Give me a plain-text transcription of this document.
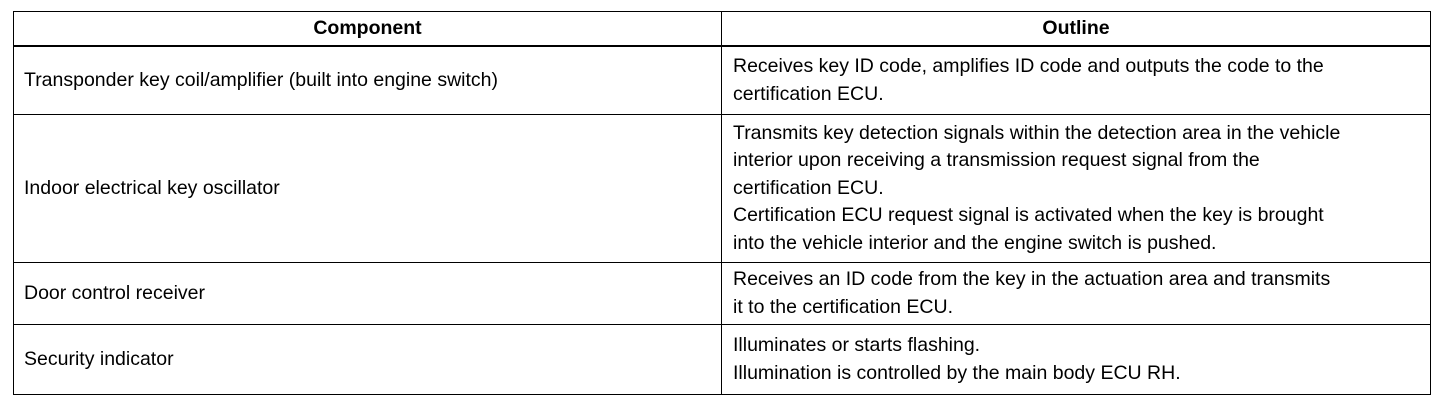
Component	Outline
Transponder key coil/amplifier (built into engine switch)	Receives key ID code, amplifies ID code and outputs the code to the
certification ECU.

Indoor electrical key oscillator	Transmits key detection signals within the detection area in the vehicle
interior upon receiving a transmission request signal from the
certification ECU.
Certification ECU request signal is activated when the key is brought
into the vehicle interior and the engine switch is pushed.

Door control receiver	Receives an ID code from the key in the actuation area and transmits
it to the certification ECU.

Security indicator	Illuminates or starts flashing.
Illumination is controlled by the main body ECU RH.
